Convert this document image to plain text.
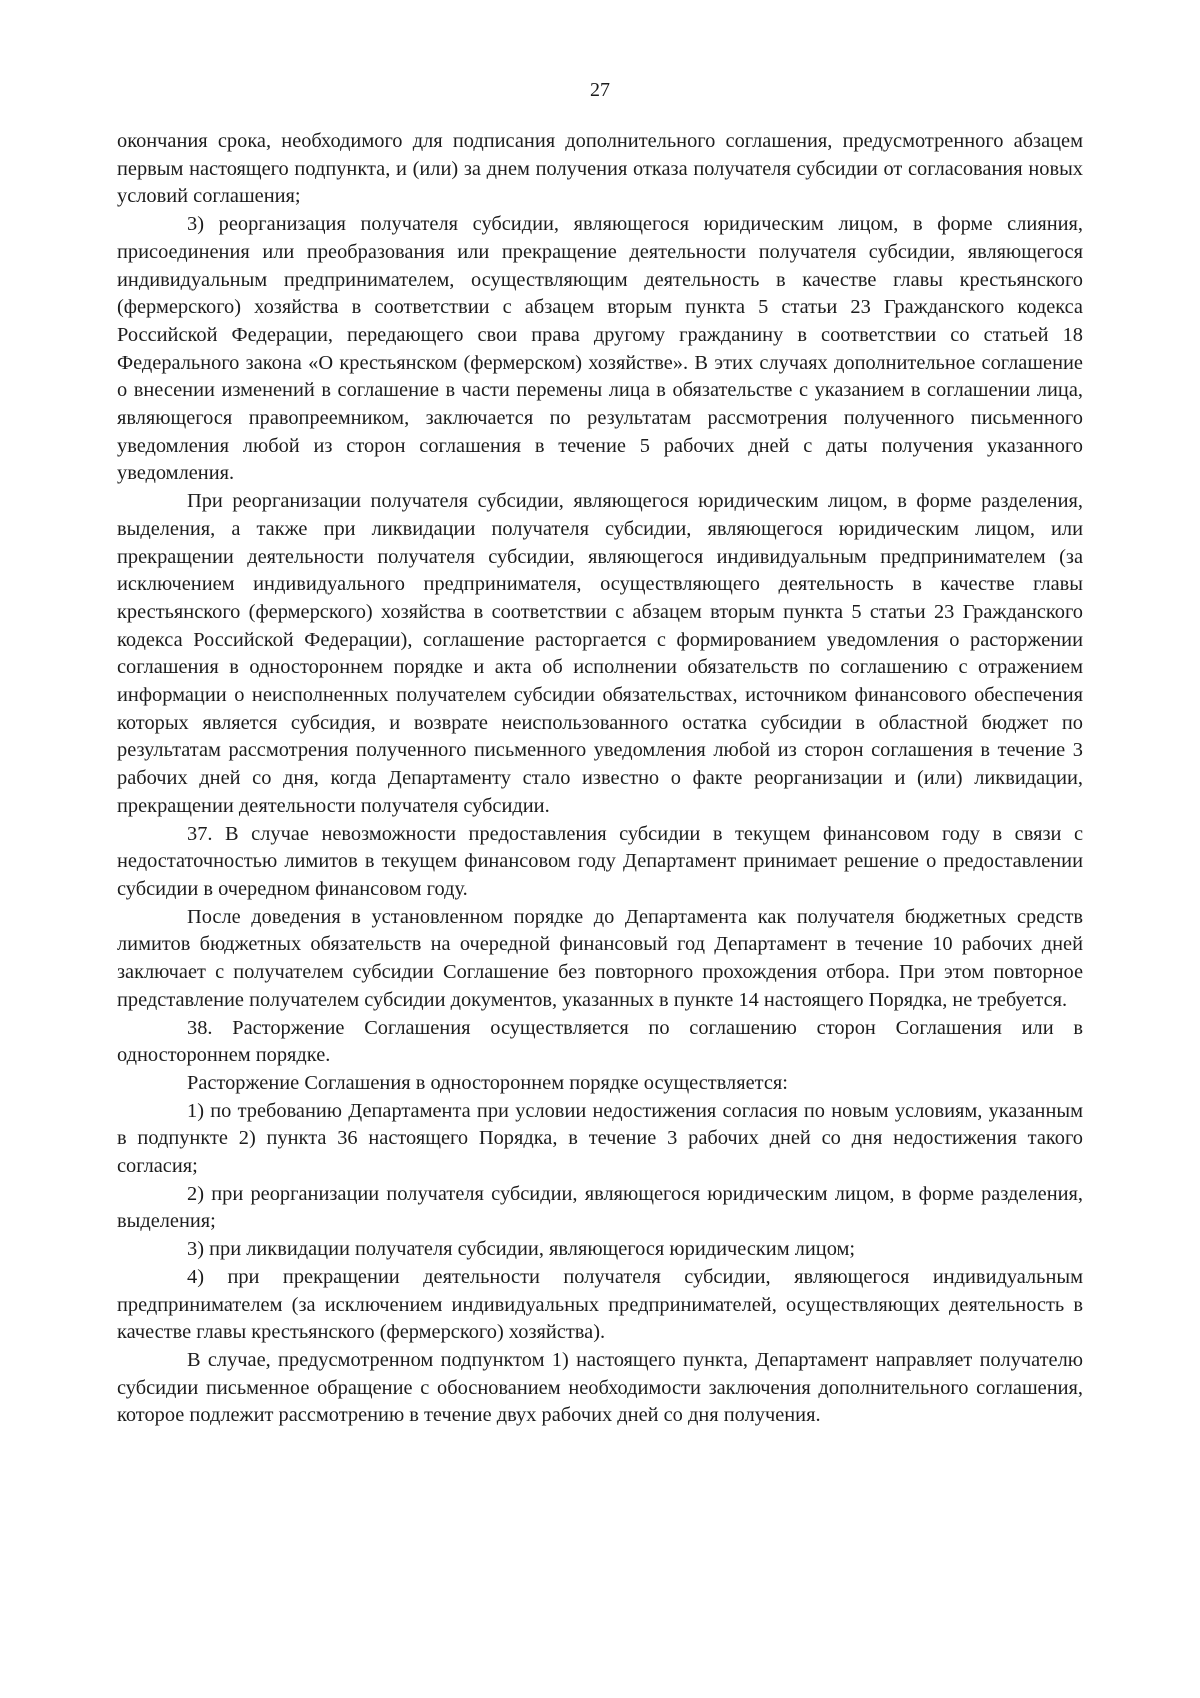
27

окончания срока, необходимого для подписания дополнительного соглашения, предусмотренного абзацем первым настоящего подпункта, и (или) за днем получения отказа получателя субсидии от согласования новых условий соглашения;

3) реорганизация получателя субсидии, являющегося юридическим лицом, в форме слияния, присоединения или преобразования или прекращение деятельности получателя субсидии, являющегося индивидуальным предпринимателем, осуществляющим деятельность в качестве главы крестьянского (фермерского) хозяйства в соответствии с абзацем вторым пункта 5 статьи 23 Гражданского кодекса Российской Федерации, передающего свои права другому гражданину в соответствии со статьей 18 Федерального закона «О крестьянском (фермерском) хозяйстве». В этих случаях дополнительное соглашение о внесении изменений в соглашение в части перемены лица в обязательстве с указанием в соглашении лица, являющегося правопреемником, заключается по результатам рассмотрения полученного письменного уведомления любой из сторон соглашения в течение 5 рабочих дней с даты получения указанного уведомления.

При реорганизации получателя субсидии, являющегося юридическим лицом, в форме разделения, выделения, а также при ликвидации получателя субсидии, являющегося юридическим лицом, или прекращении деятельности получателя субсидии, являющегося индивидуальным предпринимателем (за исключением индивидуального предпринимателя, осуществляющего деятельность в качестве главы крестьянского (фермерского) хозяйства в соответствии с абзацем вторым пункта 5 статьи 23 Гражданского кодекса Российской Федерации), соглашение расторгается с формированием уведомления о расторжении соглашения в одностороннем порядке и акта об исполнении обязательств по соглашению с отражением информации о неисполненных получателем субсидии обязательствах, источником финансового обеспечения которых является субсидия, и возврате неиспользованного остатка субсидии в областной бюджет по результатам рассмотрения полученного письменного уведомления любой из сторон соглашения в течение 3 рабочих дней со дня, когда Департаменту стало известно о факте реорганизации и (или) ликвидации, прекращении деятельности получателя субсидии.

37. В случае невозможности предоставления субсидии в текущем финансовом году в связи с недостаточностью лимитов в текущем финансовом году Департамент принимает решение о предоставлении субсидии в очередном финансовом году.

После доведения в установленном порядке до Департамента как получателя бюджетных средств лимитов бюджетных обязательств на очередной финансовый год Департамент в течение 10 рабочих дней заключает с получателем субсидии Соглашение без повторного прохождения отбора. При этом повторное представление получателем субсидии документов, указанных в пункте 14 настоящего Порядка, не требуется.

38. Расторжение Соглашения осуществляется по соглашению сторон Соглашения или в одностороннем порядке.

Расторжение Соглашения в одностороннем порядке осуществляется:

1) по требованию Департамента при условии недостижения согласия по новым условиям, указанным в подпункте 2) пункта 36 настоящего Порядка, в течение 3 рабочих дней со дня недостижения такого согласия;

2) при реорганизации получателя субсидии, являющегося юридическим лицом, в форме разделения, выделения;

3) при ликвидации получателя субсидии, являющегося юридическим лицом;

4) при прекращении деятельности получателя субсидии, являющегося индивидуальным предпринимателем (за исключением индивидуальных предпринимателей, осуществляющих деятельность в качестве главы крестьянского (фермерского) хозяйства).

В случае, предусмотренном подпунктом 1) настоящего пункта, Департамент направляет получателю субсидии письменное обращение с обоснованием необходимости заключения дополнительного соглашения, которое подлежит рассмотрению в течение двух рабочих дней со дня получения.
